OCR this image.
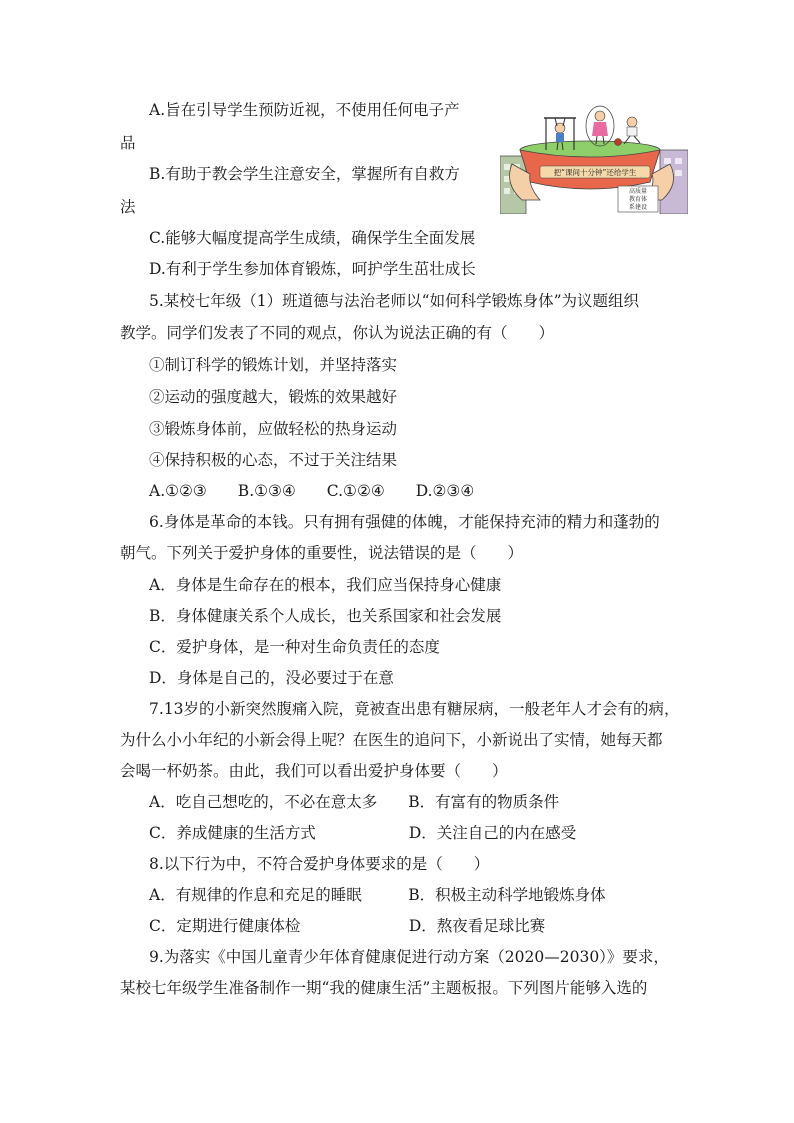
A.旨在引导学生预防近视，不使用任何电子产
品
B.有助于教会学生注意安全，掌握所有自救方
法
C.能够大幅度提高学生成绩，确保学生全面发展
D.有利于学生参加体育锻炼，呵护学生茁壮成长
5.某校七年级（1）班道德与法治老师以“如何科学锻炼身体”为议题组织
教学。同学们发表了不同的观点，你认为说法正确的有（　　）
①制订科学的锻炼计划，并坚持落实
②运动的强度越大，锻炼的效果越好
③锻炼身体前，应做轻松的热身运动
④保持积极的心态，不过于关注结果
A.①②③　　B.①③④　　C.①②④　　D.②③④
6.身体是革命的本钱。只有拥有强健的体魄，才能保持充沛的精力和蓬勃的
朝气。下列关于爱护身体的重要性，说法错误的是（　　）
A．身体是生命存在的根本，我们应当保持身心健康
B．身体健康关系个人成长，也关系国家和社会发展
C．爱护身体，是一种对生命负责任的态度
D．身体是自己的，没必要过于在意
7.13岁的小新突然腹痛入院，竟被查出患有糖尿病，一般老年人才会有的病，
为什么小小年纪的小新会得上呢？在医生的追问下，小新说出了实情，她每天都
会喝一杯奶茶。由此，我们可以看出爱护身体要（　　）
A．吃自己想吃的，不必在意太多　　B．有富有的物质条件
C．养成健康的生活方式　　　　　　D．关注自己的内在感受
8.以下行为中，不符合爱护身体要求的是（　　）
A．有规律的作息和充足的睡眠　　　B．积极主动科学地锻炼身体
C．定期进行健康体检　　　　　　　D．熬夜看足球比赛
9.为落实《中国儿童青少年体育健康促进行动方案（2020—2030）》要求，
某校七年级学生准备制作一期“我的健康生活”主题板报。下列图片能够入选的
把“课间十分钟”还给学生
高质量
教育体
系建设
